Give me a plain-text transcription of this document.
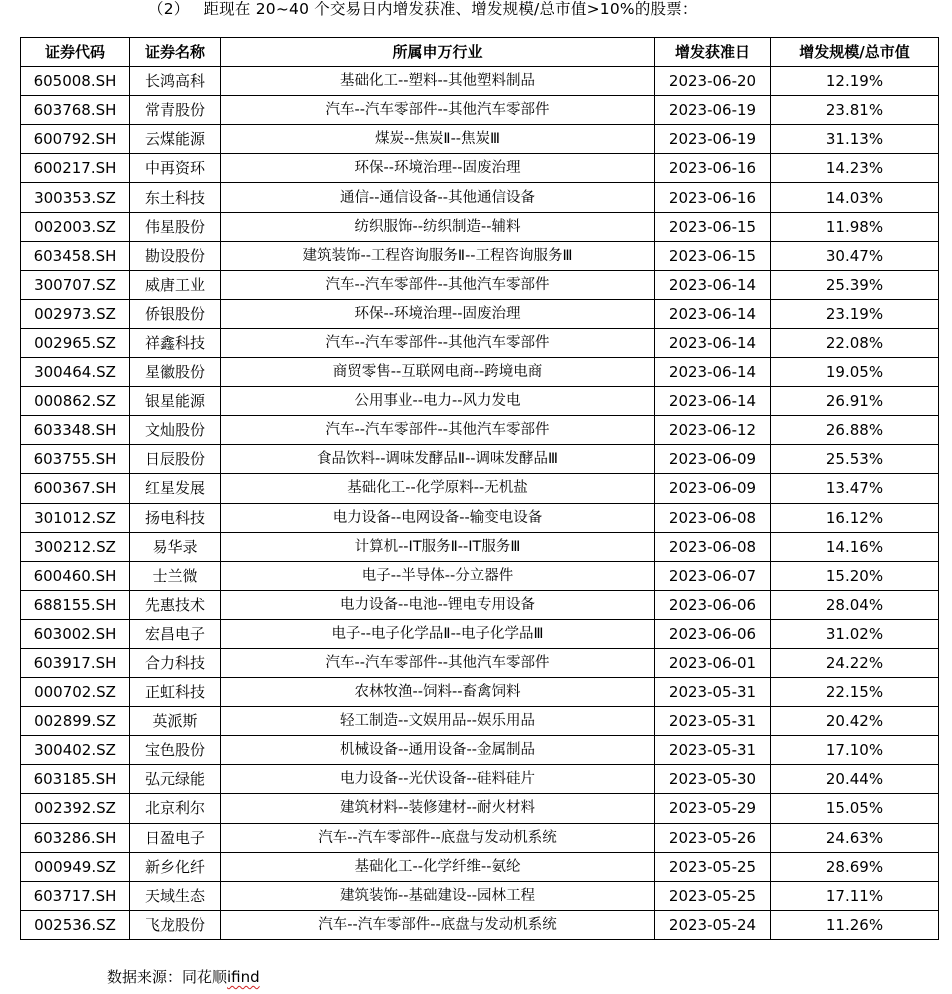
（2） 距现在 20~40 个交易日内增发获准、增发规模/总市值>10%的股票：
证券代码	证券名称	所属申万行业	增发获准日	增发规模/总市值
605008.SH	长鸿高科	基础化工--塑料--其他塑料制品	2023-06-20	12.19%
603768.SH	常青股份	汽车--汽车零部件--其他汽车零部件	2023-06-19	23.81%
600792.SH	云煤能源	煤炭--焦炭Ⅱ--焦炭Ⅲ	2023-06-19	31.13%
600217.SH	中再资环	环保--环境治理--固废治理	2023-06-16	14.23%
300353.SZ	东土科技	通信--通信设备--其他通信设备	2023-06-16	14.03%
002003.SZ	伟星股份	纺织服饰--纺织制造--辅料	2023-06-15	11.98%
603458.SH	勘设股份	建筑装饰--工程咨询服务Ⅱ--工程咨询服务Ⅲ	2023-06-15	30.47%
300707.SZ	威唐工业	汽车--汽车零部件--其他汽车零部件	2023-06-14	25.39%
002973.SZ	侨银股份	环保--环境治理--固废治理	2023-06-14	23.19%
002965.SZ	祥鑫科技	汽车--汽车零部件--其他汽车零部件	2023-06-14	22.08%
300464.SZ	星徽股份	商贸零售--互联网电商--跨境电商	2023-06-14	19.05%
000862.SZ	银星能源	公用事业--电力--风力发电	2023-06-14	26.91%
603348.SH	文灿股份	汽车--汽车零部件--其他汽车零部件	2023-06-12	26.88%
603755.SH	日辰股份	食品饮料--调味发酵品Ⅱ--调味发酵品Ⅲ	2023-06-09	25.53%
600367.SH	红星发展	基础化工--化学原料--无机盐	2023-06-09	13.47%
301012.SZ	扬电科技	电力设备--电网设备--输变电设备	2023-06-08	16.12%
300212.SZ	易华录	计算机--IT服务Ⅱ--IT服务Ⅲ	2023-06-08	14.16%
600460.SH	士兰微	电子--半导体--分立器件	2023-06-07	15.20%
688155.SH	先惠技术	电力设备--电池--锂电专用设备	2023-06-06	28.04%
603002.SH	宏昌电子	电子--电子化学品Ⅱ--电子化学品Ⅲ	2023-06-06	31.02%
603917.SH	合力科技	汽车--汽车零部件--其他汽车零部件	2023-06-01	24.22%
000702.SZ	正虹科技	农林牧渔--饲料--畜禽饲料	2023-05-31	22.15%
002899.SZ	英派斯	轻工制造--文娱用品--娱乐用品	2023-05-31	20.42%
300402.SZ	宝色股份	机械设备--通用设备--金属制品	2023-05-31	17.10%
603185.SH	弘元绿能	电力设备--光伏设备--硅料硅片	2023-05-30	20.44%
002392.SZ	北京利尔	建筑材料--装修建材--耐火材料	2023-05-29	15.05%
603286.SH	日盈电子	汽车--汽车零部件--底盘与发动机系统	2023-05-26	24.63%
000949.SZ	新乡化纤	基础化工--化学纤维--氨纶	2023-05-25	28.69%
603717.SH	天域生态	建筑装饰--基础建设--园林工程	2023-05-25	17.11%
002536.SZ	飞龙股份	汽车--汽车零部件--底盘与发动机系统	2023-05-24	11.26%
数据来源：同花顺ifind
